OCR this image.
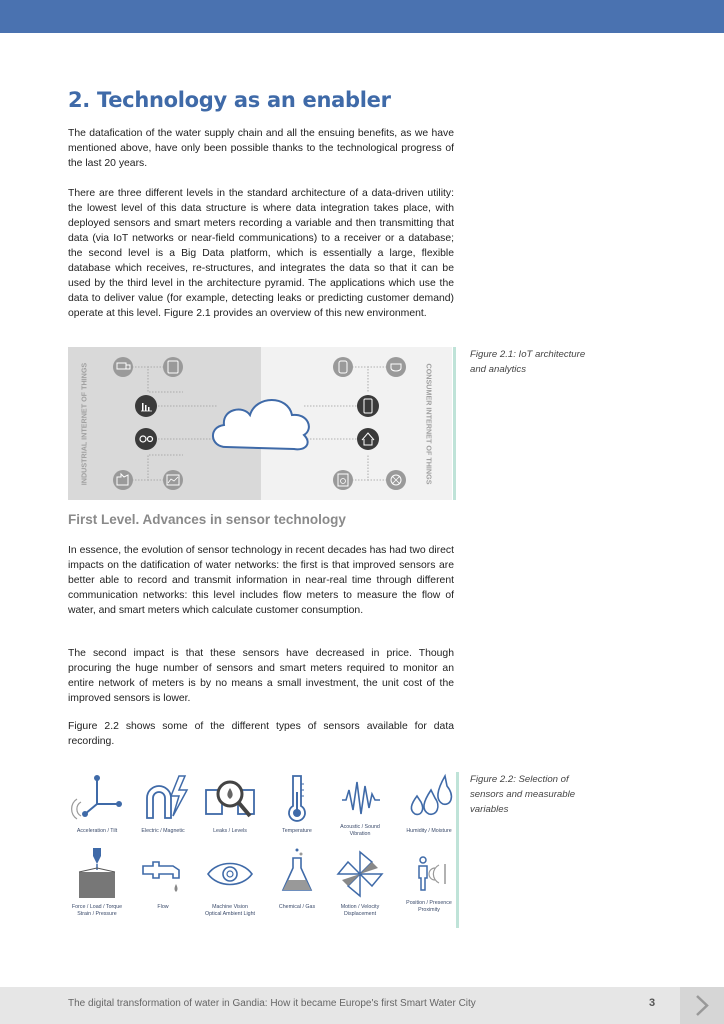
2. Technology as an enabler

The datafication of the water supply chain and all the ensuing benefits, as we have mentioned above, have only been possible thanks to the technological progress of the last 20 years.

There are three different levels in the standard architecture of a data-driven utility: the lowest level of this data structure is where data integration takes place, with deployed sensors and smart meters recording a variable and then transmitting that data (via IoT networks or near-field communications) to a receiver or a database; the second level is a Big Data platform, which is essentially a large, flexible database which receives, re-structures, and integrates the data so that it can be used by the third level in the architecture pyramid. The applications which use the data to deliver value (for example, detecting leaks or predicting customer demand) operate at this level. Figure 2.1 provides an overview of this new environment.

INDUSTRIAL INTERNET OF THINGS	CONSUMER INTERNET OF THINGS
Figure 2.1: IoT architecture
and analytics
First Level. Advances in sensor technology

In essence, the evolution of sensor technology in recent decades has had two direct impacts on the datification of water networks: the first is that improved sensors are better able to record and transmit information in near-real time through different communication networks: this level includes flow meters to measure the flow of water, and smart meters which calculate customer consumption.

The second impact is that these sensors have decreased in price. Though procuring the huge number of sensors and smart meters required to monitor an entire network of meters is by no means a small investment, the unit cost of the improved sensors is lower.

Figure 2.2 shows some of the different types of sensors available for data recording.

Acceleration / Tilt	Electric / Magnetic	Leaks / Levels	Temperature
Acoustic / Sound
Vibration	Humidity / Moisture
Force / Load / Torque
Strain / Pressure
Flow	Machine Vision
Optical Ambient Light
Chemical / Gas	Motion / Velocity
Displacement
Position / Presence
Proximity
Figure 2.2: Selection of
sensors and measurable
variables
The digital transformation of water in Gandia: How it became Europe's first Smart Water City	3
